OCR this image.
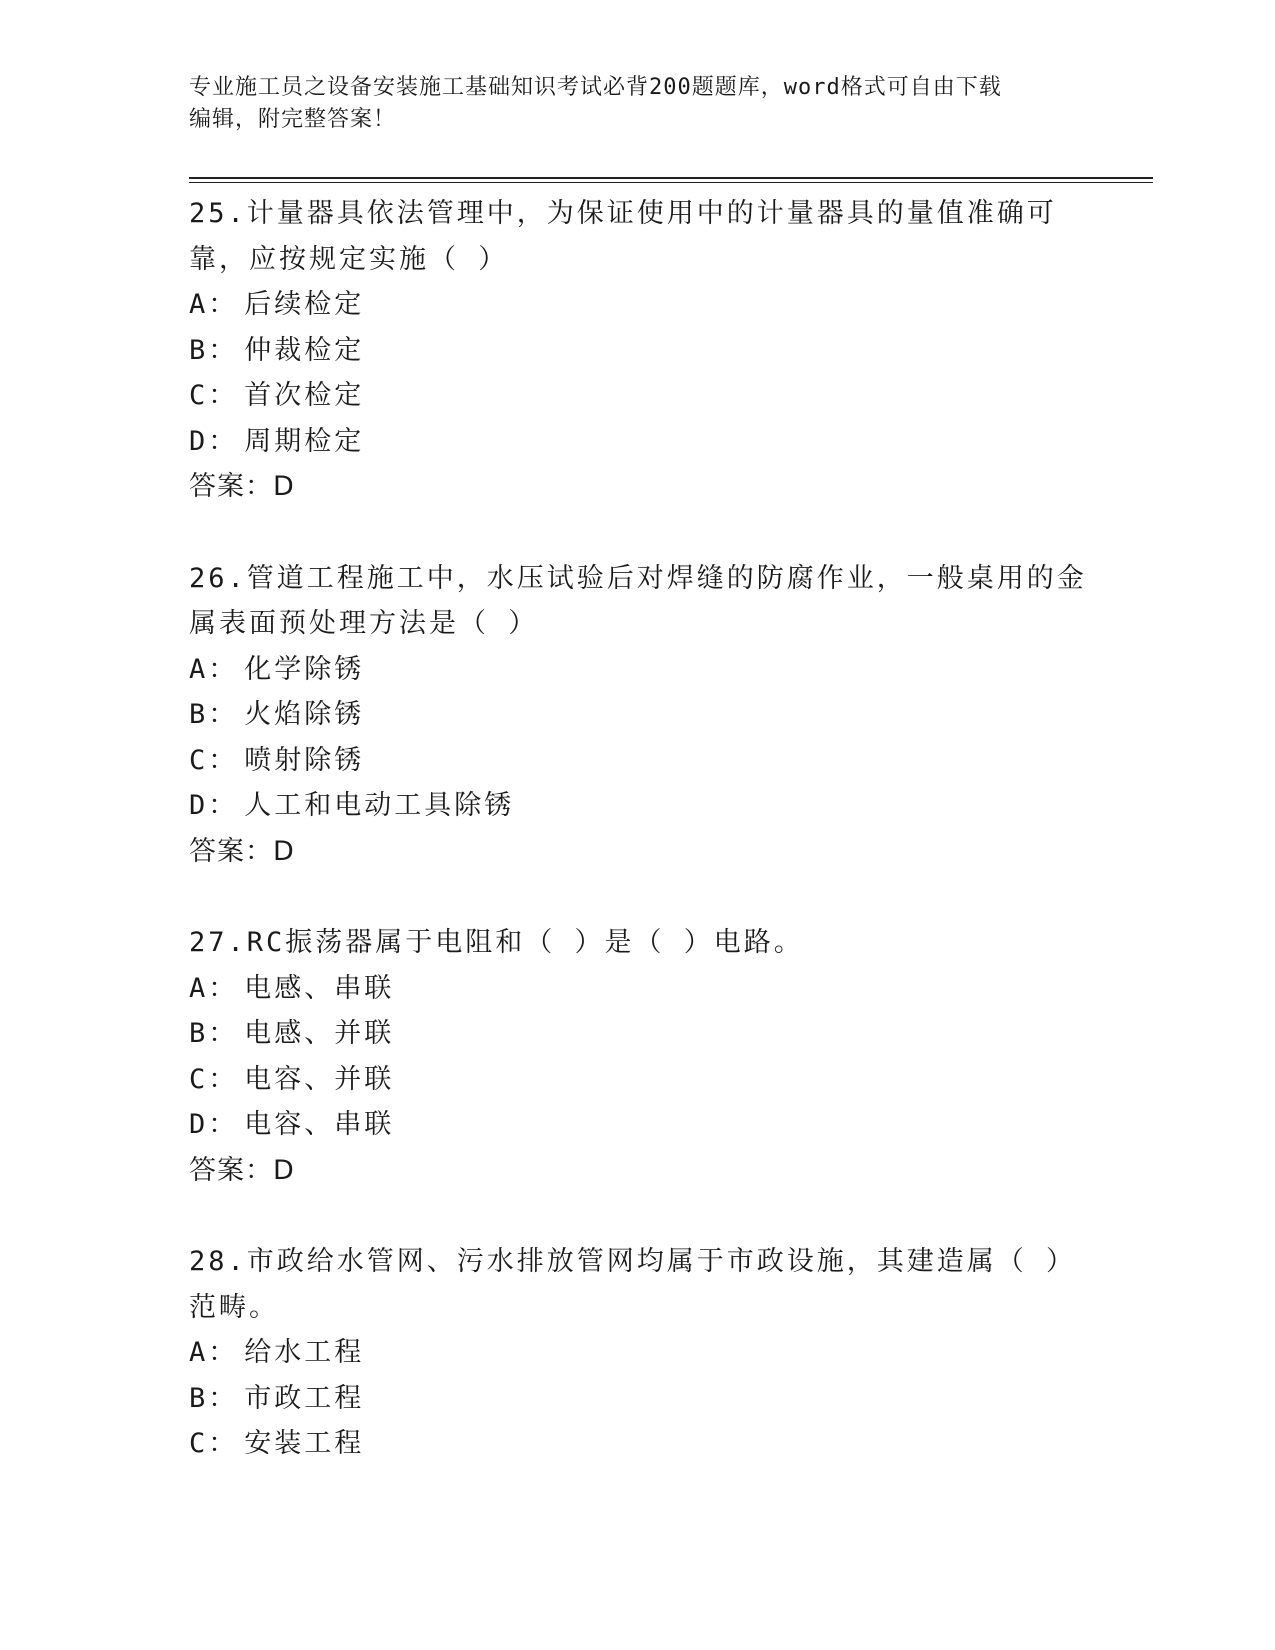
专业施工员之设备安装施工基础知识考试必背200题题库，word格式可自由下载
编辑，附完整答案！
25.计量器具依法管理中，为保证使用中的计量器具的量值准确可靠，应按规定实施（ ）
A： 后续检定
B： 仲裁检定
C： 首次检定
D： 周期检定
答案：D
26.管道工程施工中，水压试验后对焊缝的防腐作业，一般桌用的金属表面预处理方法是（ ）
A： 化学除锈
B： 火焰除锈
C： 喷射除锈
D： 人工和电动工具除锈
答案：D
27.RC振荡器属于电阻和（ ）是（ ）电路。
A： 电感、串联
B： 电感、并联
C： 电容、并联
D： 电容、串联
答案：D
28.市政给水管网、污水排放管网均属于市政设施，其建造属（ ）范畴。
A： 给水工程
B： 市政工程
C： 安装工程
